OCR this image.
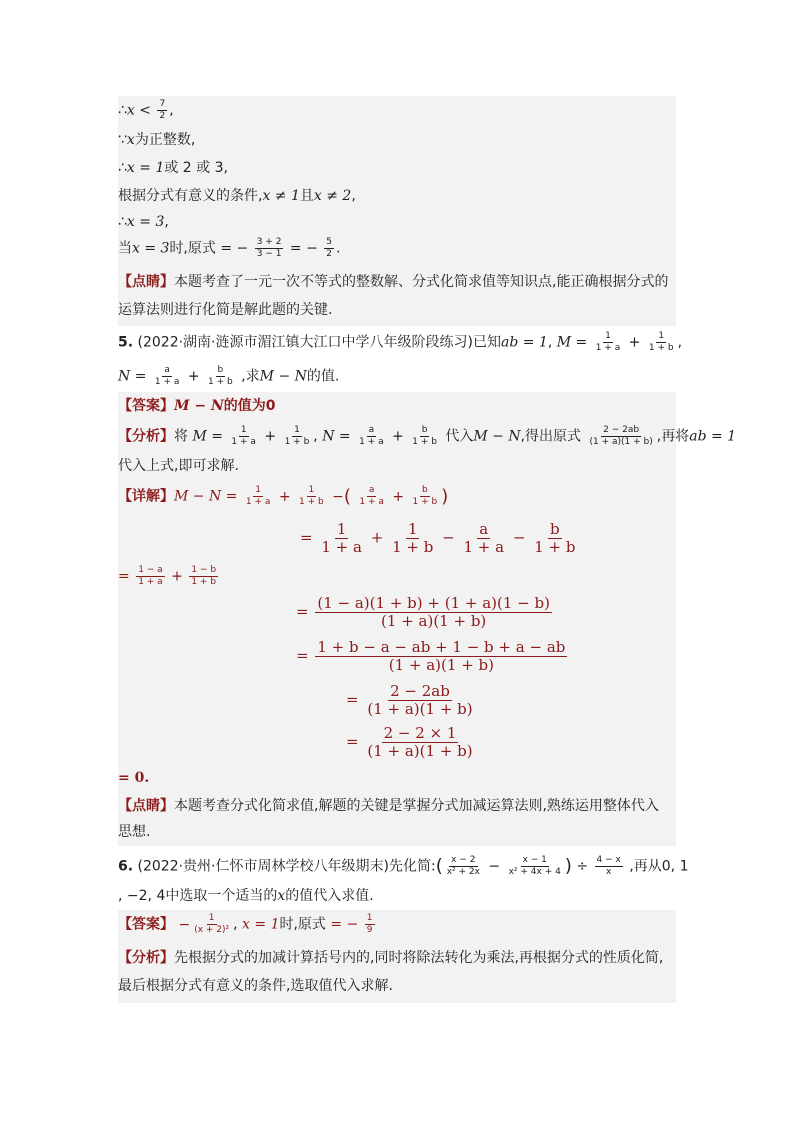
∴x < $\frac{7}{2}$ ,
∵x为正整数,
∴x = 1或 2 或 3,
根据分式有意义的条件,x ≠ 1且x ≠ 2,
∴x = 3,
当x = 3时,原式 = − $\frac{3 + 2}{3 - 1}$ = − $\frac{5}{2}$ .
【点睛】本题考查了一元一次不等式的整数解、分式化简求值等知识点,能正确根据分式的
运算法则进行化简是解此题的关键.
5. (2022·湖南·涟源市湄江镇大江口中学八年级阶段练习)已知ab = 1, $M = \frac{1}{1 + a} + \frac{1}{1 + b}$ ,
$N = \frac{a}{1 + a} + \frac{b}{1 + b}$ ,求M − N的值.
【答案】M − N的值为0
【分析】将 $M = \frac{1}{1 + a} + \frac{1}{1 + b}$ , $N = \frac{a}{1 + a} + \frac{b}{1 + b}$ 代入M − N,得出原式 $\frac{2 - 2ab}{(1 + a)(1 + b)}$ ,再将ab = 1
代入上式,即可求解.
【详解】$M - N = \frac{1}{1 + a} + \frac{1}{1 + b}$ −( $\frac{a}{1 + a} + \frac{b}{1 + b}$ )
= $\frac{1}{1 + a} + \frac{1}{1 + b} - \frac{a}{1 + a} - \frac{b}{1 + b}$
= $\frac{1 - a}{1 + a} + \frac{1 - b}{1 + b}$
= $\frac{(1 - a)(1 + b) + (1 + a)(1 - b)}{(1 + a)(1 + b)}$
= $\frac{1 + b - a - ab + 1 - b + a - ab}{(1 + a)(1 + b)}$
= $\frac{2 - 2ab}{(1 + a)(1 + b)}$
= $\frac{2 - 2 \times 1}{(1 + a)(1 + b)}$
= 0.
【点睛】本题考查分式化简求值,解题的关键是掌握分式加减运算法则,熟练运用整体代入
思想.
6. (2022·贵州·仁怀市周林学校八年级期末)先化简:( $\frac{x - 2}{\text{x² + 2x}} - \frac{x - 1}{\text{x² + 4x + 4}}$ ) ÷ $\frac{4 - x}{x}$ ,再从0, 1
, −2, 4中选取一个适当的x的值代入求值.
【答案】 − $\frac{1}{\text{(x + 2)²}}$ , x = 1时,原式 = − $\frac{1}{9}$
【分析】先根据分式的加减计算括号内的,同时将除法转化为乘法,再根据分式的性质化简,
最后根据分式有意义的条件,选取值代入求解.
